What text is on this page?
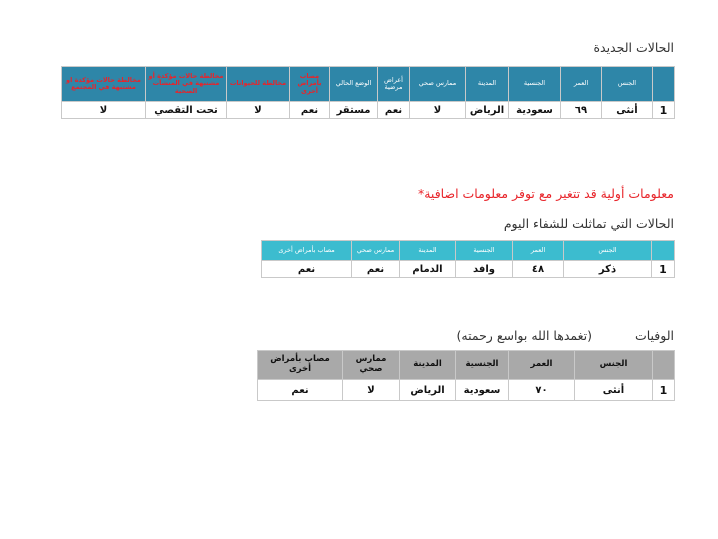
الحالات الجديدة
	الجنس	العمر	الجنسية	المدينة	ممارس صحي	أعراض مرضية	الوضع الحالي	مصاب بأمراض أخرى	مخالطة للحيوانات	مخالطة حالات مؤكدة أو مشتبهة في المنشآت الصحية	مخالطة حالات مؤكدة او مشتبهة في المجتمع
1	أنثى	٦٩	سعودية	الرياض	لا	نعم	مستقر	نعم	لا	تحت التقصي	لا
معلومات أولية قد تتغير مع توفر معلومات اضافية*
الحالات التي تماثلت للشفاء اليوم
	الجنس	العمر	الجنسية	المدينة	ممارس صحي	مصاب بأمراض أخرى
1	ذكر	٤٨	وافد	الدمام	نعم	نعم
الوفيات
(تغمدها الله بواسع رحمته)
	الجنس	العمر	الجنسية	المدينة	ممارس صحي	مصاب بأمراض أخرى
1	أنثى	٧٠	سعودية	الرياض	لا	نعم
